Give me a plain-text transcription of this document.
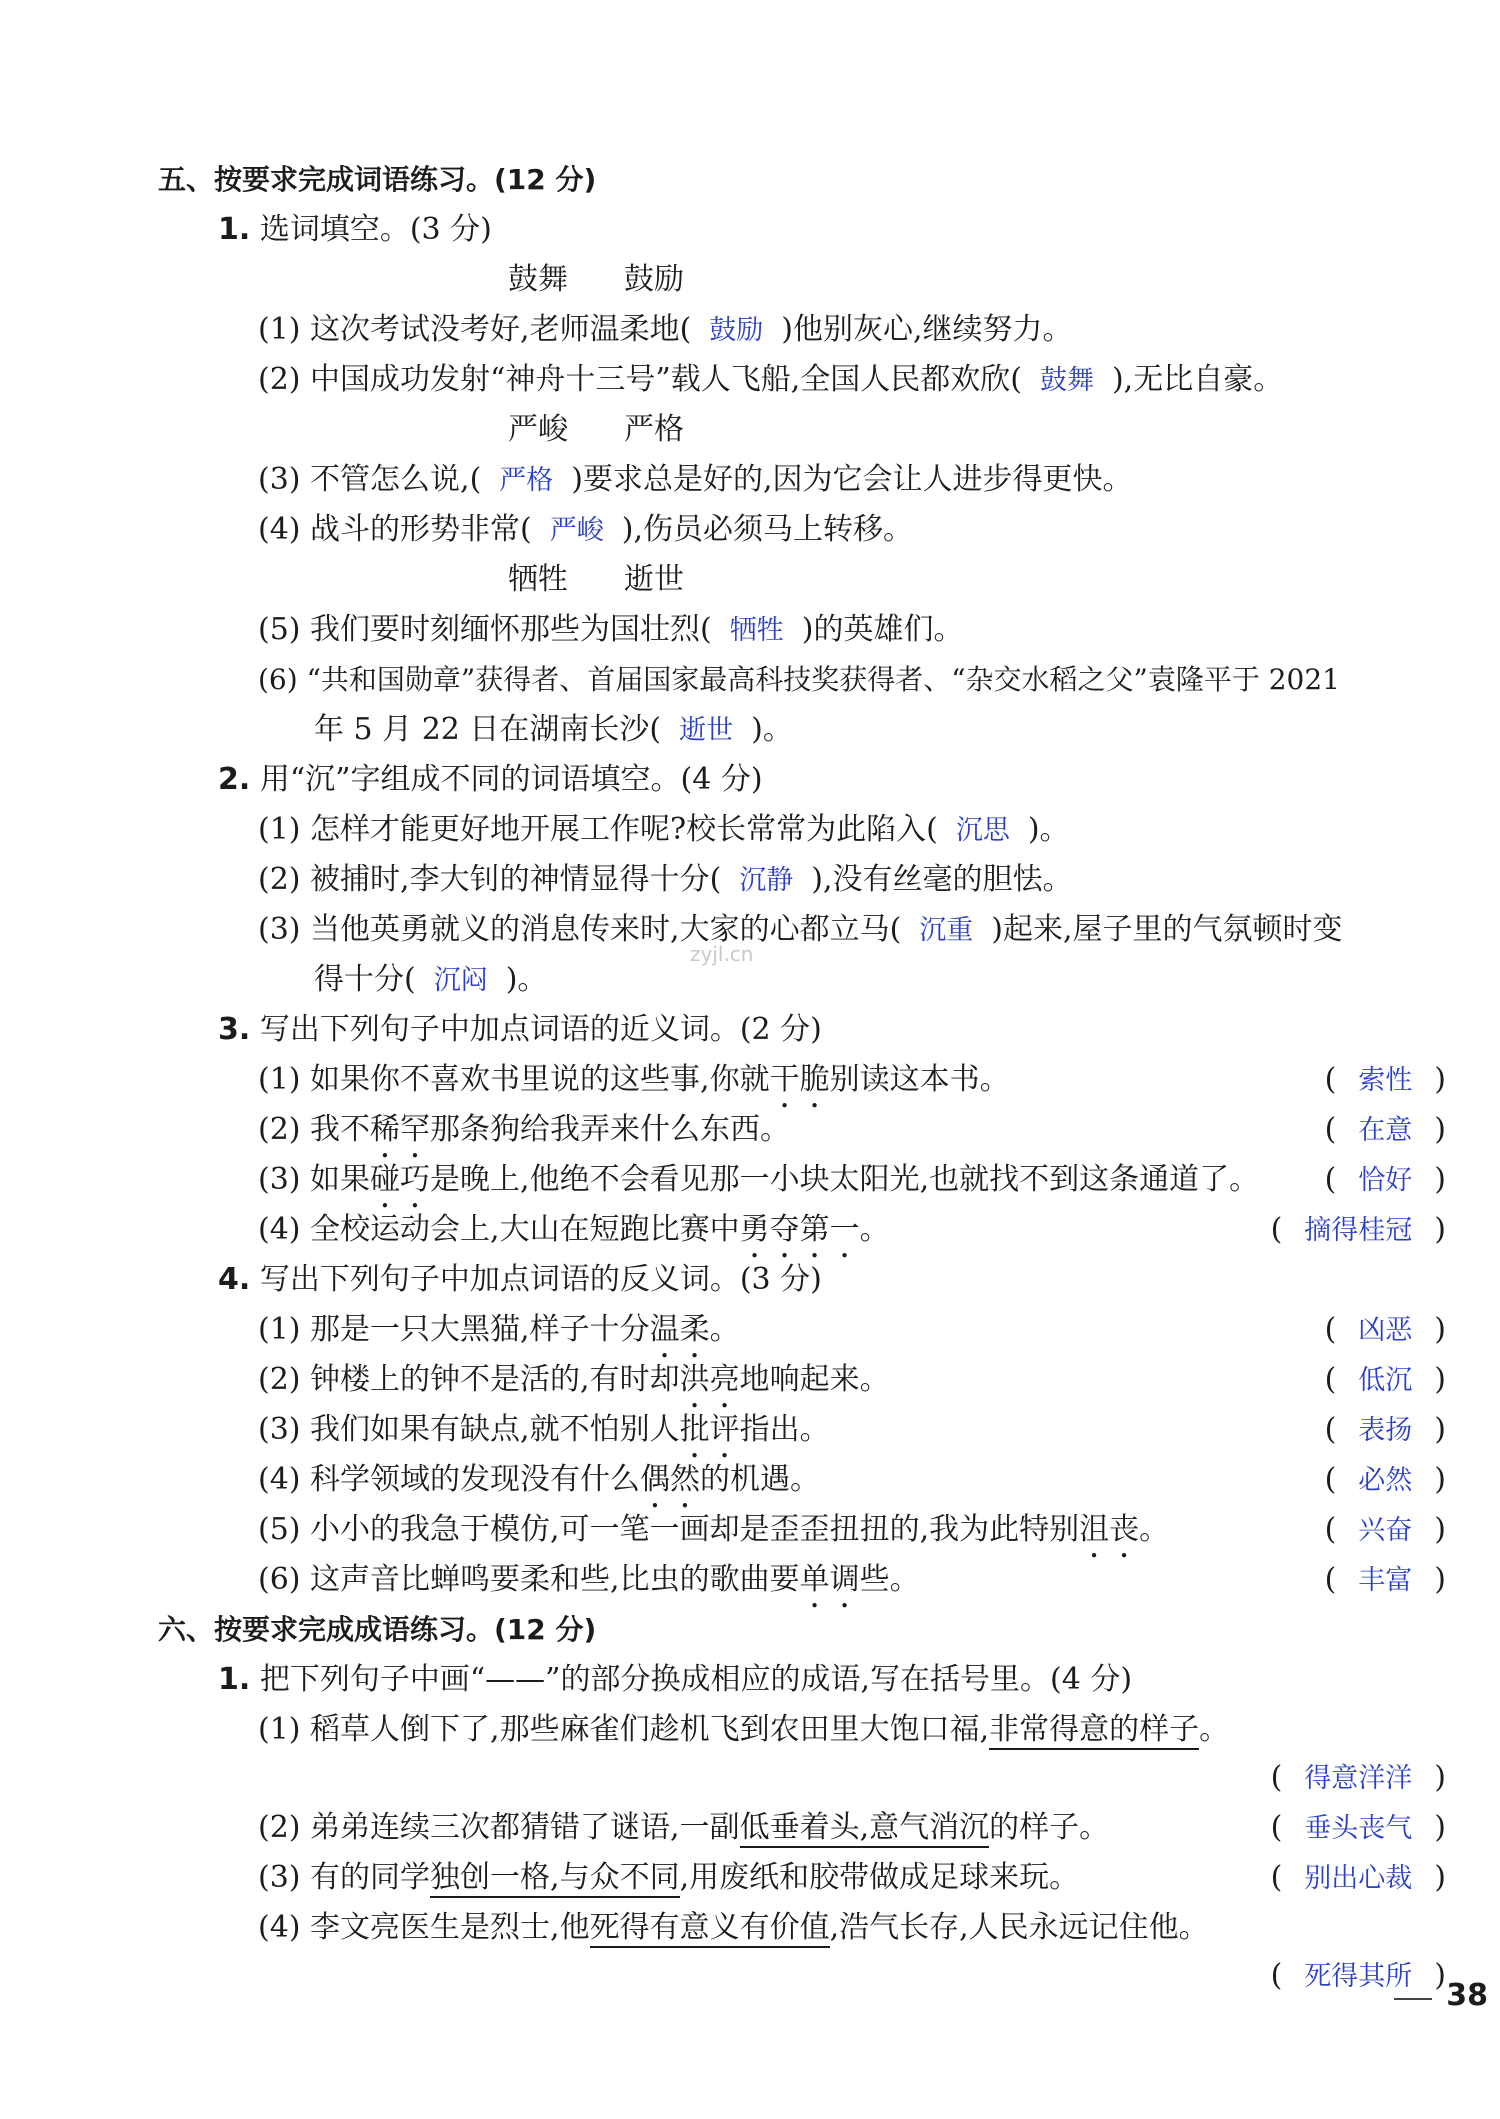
五、按要求完成词语练习。(12 分)
1. 选词填空。(3 分)
鼓舞 鼓励
(1) 这次考试没考好,老师温柔地( 鼓励 )他别灰心,继续努力。
(2) 中国成功发射“神舟十三号”载人飞船,全国人民都欢欣( 鼓舞 ),无比自豪。
严峻 严格
(3) 不管怎么说,( 严格 )要求总是好的,因为它会让人进步得更快。
(4) 战斗的形势非常( 严峻 ),伤员必须马上转移。
牺牲 逝世
(5) 我们要时刻缅怀那些为国壮烈( 牺牲 )的英雄们。
(6) “共和国勋章”获得者、首届国家最高科技奖获得者、“杂交水稻之父”袁隆平于 2021
年 5 月 22 日在湖南长沙( 逝世 )。
2. 用“沉”字组成不同的词语填空。(4 分)
(1) 怎样才能更好地开展工作呢?校长常常为此陷入( 沉思 )。
(2) 被捕时,李大钊的神情显得十分( 沉静 ),没有丝毫的胆怯。
(3) 当他英勇就义的消息传来时,大家的心都立马( 沉重 )起来,屋子里的气氛顿时变
得十分( 沉闷 )。
zyjl.cn
3. 写出下列句子中加点词语的近义词。(2 分)
(1) 如果你不喜欢书里说的这些事,你就干脆别读这本书。	( 索性 )
(2) 我不稀罕那条狗给我弄来什么东西。	( 在意 )
(3) 如果碰巧是晚上,他绝不会看见那一小块太阳光,也就找不到这条通道了。 ( 恰好 )
(4) 全校运动会上,大山在短跑比赛中勇夺第一。	( 摘得桂冠 )
4. 写出下列句子中加点词语的反义词。(3 分)
(1) 那是一只大黑猫,样子十分温柔。	( 凶恶 )
(2) 钟楼上的钟不是活的,有时却洪亮地响起来。	( 低沉 )
(3) 我们如果有缺点,就不怕别人批评指出。	( 表扬 )
(4) 科学领域的发现没有什么偶然的机遇。	( 必然 )
(5) 小小的我急于模仿,可一笔一画却是歪歪扭扭的,我为此特别沮丧。	( 兴奋 )
(6) 这声音比蝉鸣要柔和些,比虫的歌曲要单调些。	( 丰富 )
六、按要求完成成语练习。(12 分)
1. 把下列句子中画“——”的部分换成相应的成语,写在括号里。(4 分)
(1) 稻草人倒下了,那些麻雀们趁机飞到农田里大饱口福,非常得意的样子。
( 得意洋洋 )
(2) 弟弟连续三次都猜错了谜语,一副低垂着头,意气消沉的样子。	( 垂头丧气 )
(3) 有的同学独创一格,与众不同,用废纸和胶带做成足球来玩。	( 别出心裁 )
(4) 李文亮医生是烈士,他死得有意义有价值,浩气长存,人民永远记住他。
( 死得其所 )
38
